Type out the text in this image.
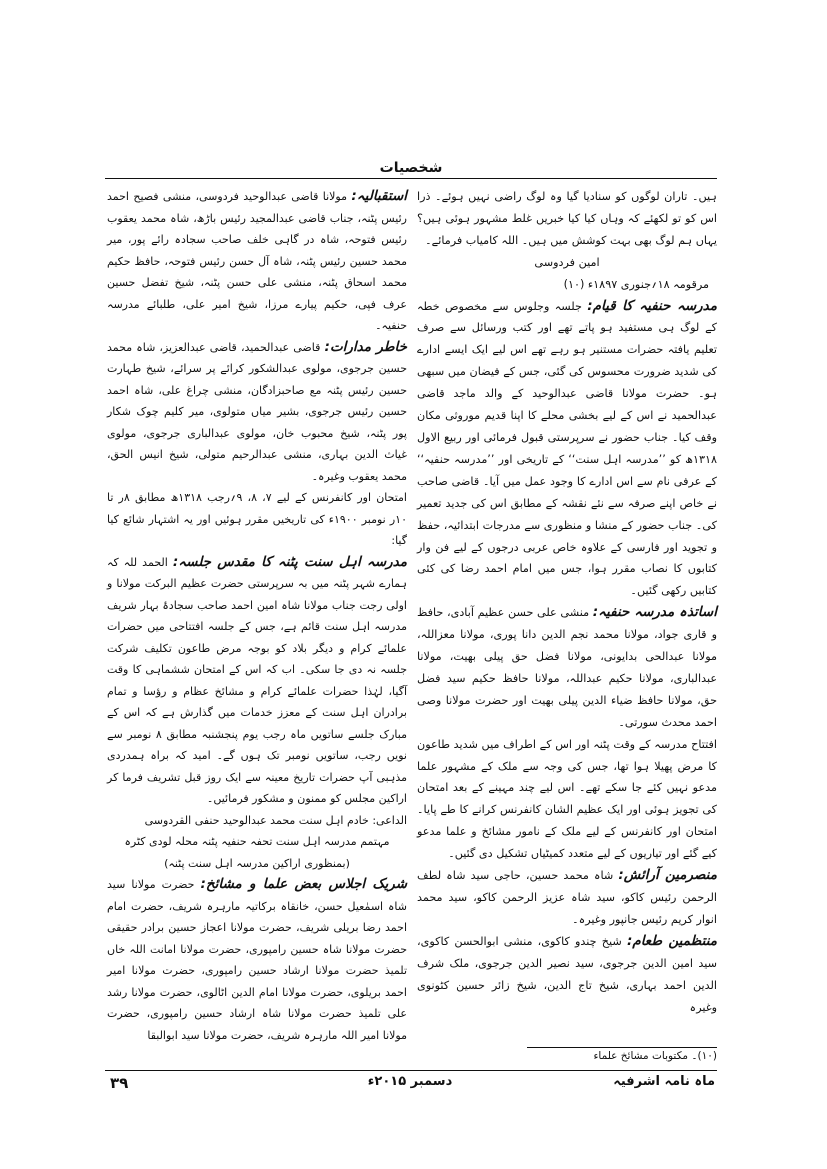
شخصیات

ہیں۔ تاران لوگوں کو سنادیا گیا وہ لوگ راضی نہیں ہوئے۔ ذرا اس کو تو لکھئے کہ وہاں کیا کیا خبریں غلط مشہور ہوئی ہیں؟ یہاں ہم لوگ بھی بہت کوشش میں ہیں۔ اللہ کامیاب فرمائے۔

امین فردوسی

مرقومہ ۱۸؍جنوری ۱۸۹۷ء (۱۰)

مدرسہ حنفیہ کا قیام: جلسہ وجلوس سے مخصوص خطہ کے لوگ ہی مستفید ہو پاتے تھے اور کتب ورسائل سے صرف تعلیم یافتہ حضرات مستنیر ہو رہے تھے اس لیے ایک ایسے ادارے کی شدید ضرورت محسوس کی گئی، جس کے فیضان میں سبھی ہو۔ حضرت مولانا قاضی عبدالوحید کے والد ماجد قاضی عبدالحمید نے اس کے لیے بخشی محلے کا اپنا قدیم موروثی مکان وقف کیا۔ جناب حضور نے سرپرستی قبول فرمائی اور ربیع الاول ۱۳۱۸ھ کو ’’مدرسہ اہل سنت‘‘ کے تاریخی اور ’’مدرسہ حنفیہ‘‘ کے عرفی نام سے اس ادارے کا وجود عمل میں آیا۔ قاضی صاحب نے خاص اپنے صرفہ سے نئے نقشہ کے مطابق اس کی جدید تعمیر کی۔ جناب حضور کے منشا و منظوری سے مدرجات ابتدائیہ، حفظ و تجوید اور فارسی کے علاوہ خاص عربی درجوں کے لیے فن وار کتابوں کا نصاب مقرر ہوا، جس میں امام احمد رضا کی کئی کتابیں رکھی گئیں۔

اساتذہ مدرسہ حنفیہ: منشی علی حسن عظیم آبادی، حافظ و قاری جواد، مولانا محمد نجم الدین دانا پوری، مولانا معزاللہ، مولانا عبدالحی بدایونی، مولانا فضل حق پیلی بھیت، مولانا عبدالباری، مولانا حکیم عبداللہ، مولانا حافظ حکیم سید فضل حق، مولانا حافظ ضیاء الدین پیلی بھیت اور حضرت مولانا وصی احمد محدث سورتی۔

افتتاح مدرسہ کے وقت پٹنہ اور اس کے اطراف میں شدید طاعون کا مرض پھیلا ہوا تھا، جس کی وجہ سے ملک کے مشہور علما مدعو نہیں کئے جا سکے تھے۔ اس لیے چند مہینے کے بعد امتحان کی تجویز ہوئی اور ایک عظیم الشان کانفرنس کرانے کا طے پایا۔ امتحان اور کانفرنس کے لیے ملک کے نامور مشائخ و علما مدعو کیے گئے اور تیاریوں کے لیے متعدد کمیٹیاں تشکیل دی گئیں۔

منصرمین آرائش: شاہ محمد حسین، حاجی سید شاہ لطف الرحمن رئیس کاکو، سید شاہ عزیز الرحمن کاکو، سید محمد انوار کریم رئیس جانپور وغیرہ۔

منتظمین طعام: شیخ چندو کاکوی، منشی ابوالحسن کاکوی، سید امین الدین جرجوی، سید نصیر الدین جرجوی، ملک شرف الدین احمد بہاری، شیخ تاج الدین، شیخ زائر حسین کٹونوی وغیرہ

استقبالیہ: مولانا قاضی عبدالوحید فردوسی، منشی فصیح احمد رئیس پٹنہ، جناب قاضی عبدالمجید رئیس باڑھ، شاہ محمد یعقوب رئیس فتوحہ، شاہ در گاہی خلف صاحب سجادہ رائے پور، میر محمد حسین رئیس پٹنہ، شاہ آل حسن رئیس فتوحہ، حافظ حکیم محمد اسحاق پٹنہ، منشی علی حسن پٹنہ، شیخ تفضل حسین عرف فپی، حکیم پیارے مرزا، شیخ امیر علی، طلبائے مدرسہ حنفیہ۔

خاطر مدارات: قاضی عبدالحمید، قاضی عبدالعزیز، شاہ محمد حسین جرجوی، مولوی عبدالشکور کرائے پر سرائے، شیخ طہارت حسین رئیس پٹنہ مع صاحبزادگان، منشی چراغ علی، شاہ احمد حسین رئیس جرجوی، بشیر میاں متولوی، میر کلیم چوک شکار پور پٹنہ، شیخ محبوب خان، مولوی عبدالباری جرجوی، مولوی غیاث الدین بہاری، منشی عبدالرحیم متولی، شیخ انیس الحق، محمد یعقوب وغیرہ۔

امتحان اور کانفرنس کے لیے ۷، ۸، ۹؍رجب ۱۳۱۸ھ مطابق ۸ر تا ۱۰ر نومبر ۱۹۰۰ء کی تاریخیں مقرر ہوئیں اور یہ اشتہار شائع کیا گیا:

مدرسہ اہل سنت پٹنہ کا مقدس جلسہ: الحمد للہ کہ ہمارے شہر پٹنہ میں بہ سرپرستی حضرت عظیم البرکت مولانا و اولی رجت جناب مولانا شاہ امین احمد صاحب سجادۂ بہار شریف مدرسہ اہل سنت قائم ہے، جس کے جلسہ افتتاحی میں حضرات علمائے کرام و دیگر بلاد کو بوجہ مرض طاعون تکلیف شرکت جلسہ نہ دی جا سکی۔ اب کہ اس کے امتحان ششماہی کا وقت آگیا، لہٰذا حضرات علمائے کرام و مشائخ عظام و رؤسا و تمام برادران اہل سنت کے معزز خدمات میں گذارش ہے کہ اس کے مبارک جلسے ساتویں ماہ رجب یوم پنجشنبہ مطابق ۸ نومبر سے نویں رجب، ساتویں نومبر تک ہوں گے۔ امید کہ براہ ہمدردی مذہبی آپ حضرات تاریخ معینہ سے ایک روز قبل تشریف فرما کر اراکین مجلس کو ممنون و مشکور فرمائیں۔

الداعی: خادم اہل سنت محمد عبدالوحید حنفی القردوسی

مہتمم مدرسہ اہل سنت تحفہ حنفیہ پٹنہ محلہ لودی کٹرہ

(بمنظوری اراکین مدرسہ اہل سنت پٹنہ)

شریک اجلاس بعض علما و مشائخ: حضرت مولانا سید شاہ اسمٰعیل حسن، خانقاہ برکاتیہ مارہرہ شریف، حضرت امام احمد رضا بریلی شریف، حضرت مولانا اعجاز حسین برادر حقیقی حضرت مولانا شاہ حسین رامپوری، حضرت مولانا امانت اللہ خاں تلمیذ حضرت مولانا ارشاد حسین رامپوری، حضرت مولانا امیر احمد بریلوی، حضرت مولانا امام الدین اٹالوی، حضرت مولانا رشد علی تلمیذ حضرت مولانا شاہ ارشاد حسین رامپوری، حضرت مولانا امیر اللہ مارہرہ شریف، حضرت مولانا سید ابوالبقا

(۱۰)۔ مکتوبات مشائخ علماء
ماہ نامہ اشرفیہ
دسمبر ۲۰۱۵ء
۳۹
